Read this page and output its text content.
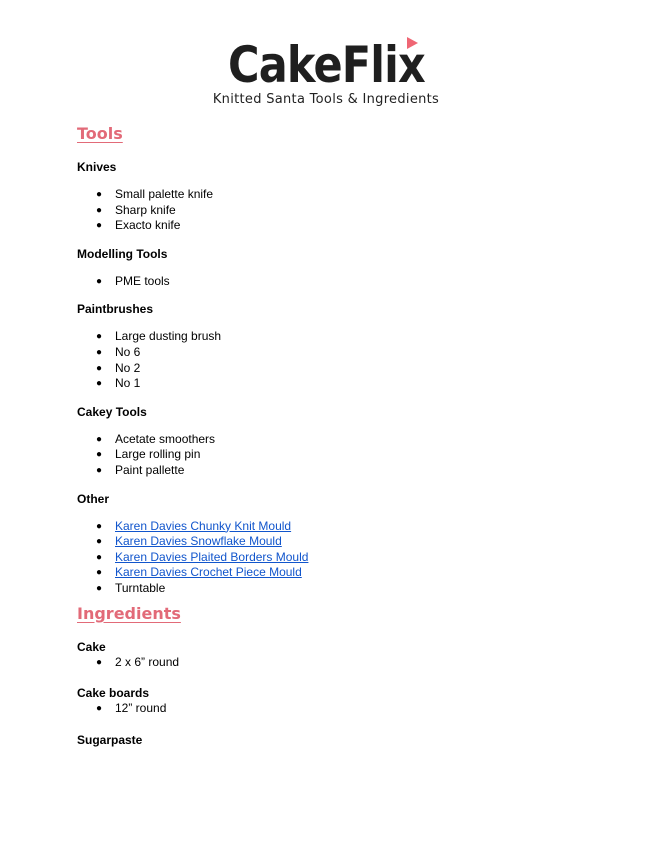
CakeFlix
Knitted Santa Tools & Ingredients
Tools
Knives
● Small palette knife
● Sharp knife
● Exacto knife
Modelling Tools
● PME tools
Paintbrushes
● Large dusting brush
● No 6
● No 2
● No 1
Cakey Tools
● Acetate smoothers
● Large rolling pin
● Paint pallette
Other
● Karen Davies Chunky Knit Mould
● Karen Davies Snowflake Mould
● Karen Davies Plaited Borders Mould
● Karen Davies Crochet Piece Mould
● Turntable
Ingredients
Cake
● 2 x 6” round
Cake boards
● 12” round
Sugarpaste
